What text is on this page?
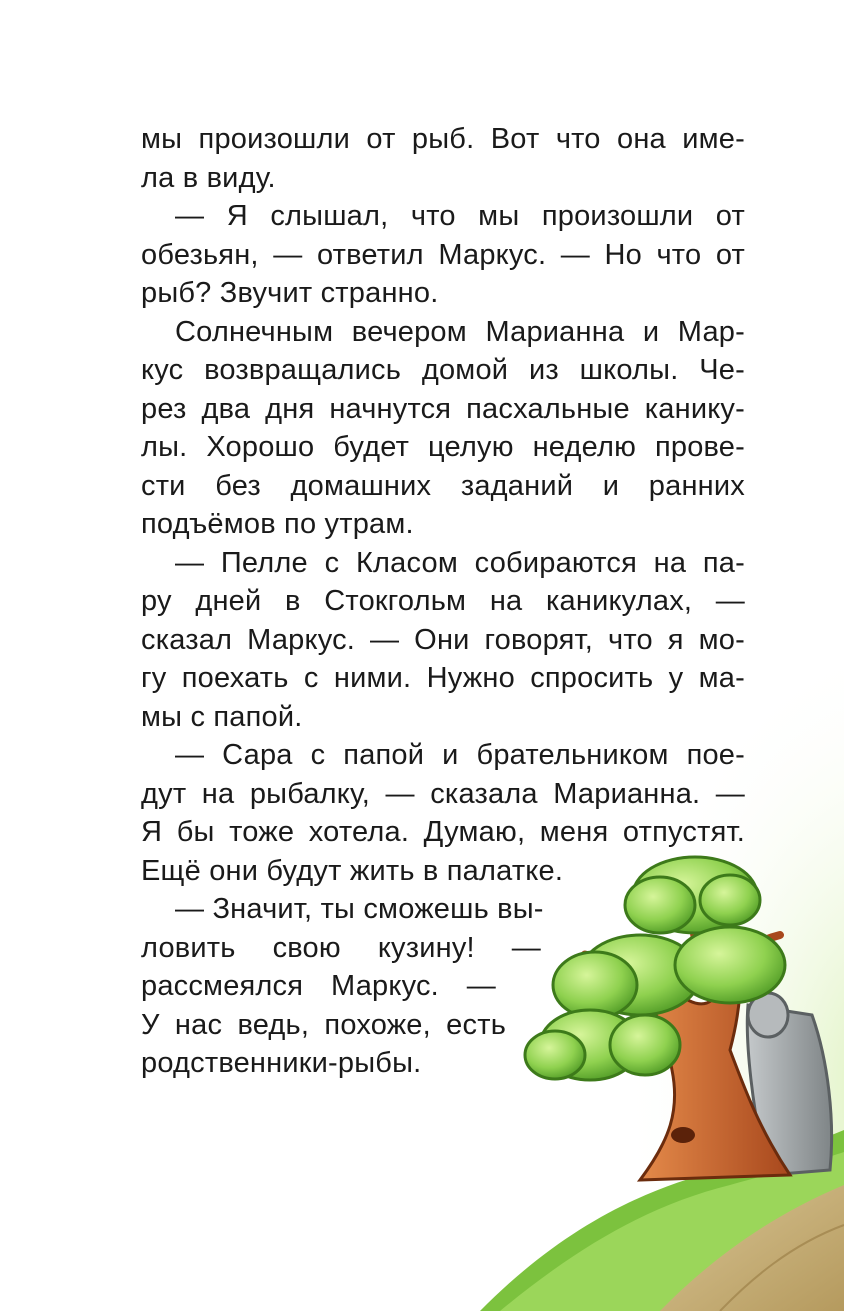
мы произошли от рыб. Вот что она име-
ла в виду.
— Я слышал, что мы произошли от
обезьян, — ответил Маркус. — Но что от
рыб? Звучит странно.
Солнечным вечером Марианна и Мар-
кус возвращались домой из школы. Че-
рез два дня начнутся пасхальные канику-
лы. Хорошо будет целую неделю прове-
сти без домашних заданий и ранних
подъёмов по утрам.
— Пелле с Класом собираются на па-
ру дней в Стокгольм на каникулах, —
сказал Маркус. — Они говорят, что я мо-
гу поехать с ними. Нужно спросить у ма-
мы с папой.
— Сара с папой и брательником пое-
дут на рыбалку, — сказала Марианна. —
Я бы тоже хотела. Думаю, меня отпустят.
Ещё они будут жить в палатке.
— Значит, ты сможешь вы-
ловить свою кузину! —
рассмеялся Маркус. —
У нас ведь, похоже, есть
родственники-рыбы.
